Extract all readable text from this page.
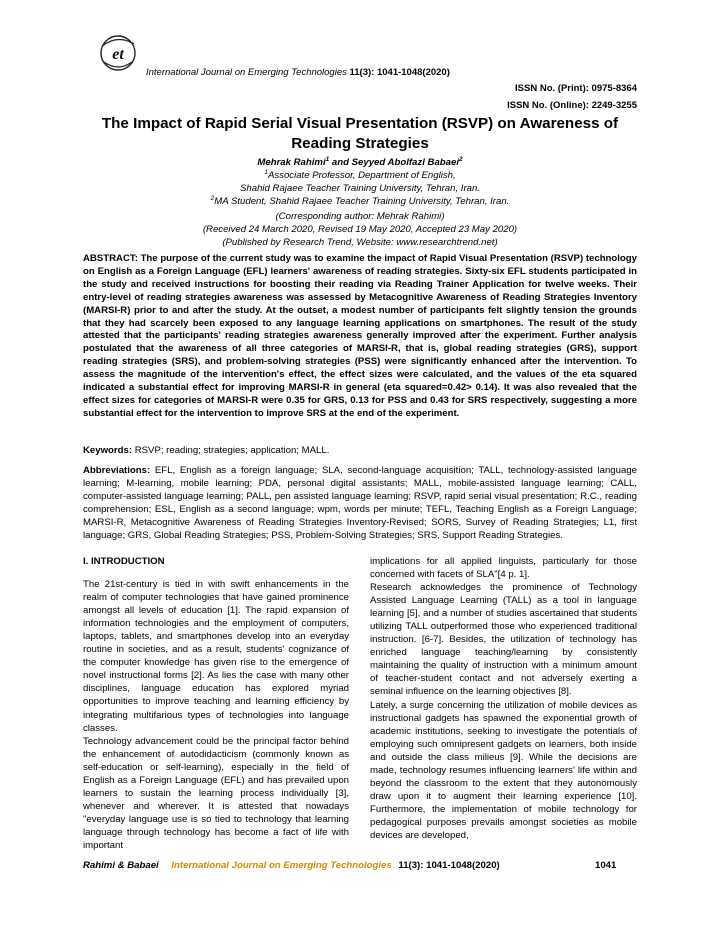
et
International Journal on Emerging Technologies 11(3): 1041-1048(2020)
ISSN No. (Print): 0975-8364
ISSN No. (Online): 2249-3255
The Impact of Rapid Serial Visual Presentation (RSVP) on Awareness of Reading Strategies
Mehrak Rahimi$^1$ and Seyyed Abolfazl Babaei$^2$
$^1$Associate Professor, Department of English,
Shahid Rajaee Teacher Training University, Tehran, Iran.
$^2$MA Student, Shahid Rajaee Teacher Training University, Tehran, Iran.
(Corresponding author: Mehrak Rahimi)
(Received 24 March 2020, Revised 19 May 2020, Accepted 23 May 2020)
(Published by Research Trend, Website: www.researchtrend.net)
ABSTRACT: The purpose of the current study was to examine the impact of Rapid Visual Presentation (RSVP) technology on English as a Foreign Language (EFL) learners' awareness of reading strategies. Sixty-six EFL students participated in the study and received instructions for boosting their reading via Reading Trainer Application for twelve weeks. Their entry-level of reading strategies awareness was assessed by Metacognitive Awareness of Reading Strategies Inventory (MARSI-R) prior to and after the study. At the outset, a modest number of participants felt slightly tension the grounds that they had scarcely been exposed to any language learning applications on smartphones. The result of the study attested that the participants' reading strategies awareness generally improved after the experiment. Further analysis postulated that the awareness of all three categories of MARSI-R, that is, global reading strategies (GRS), support reading strategies (SRS), and problem-solving strategies (PSS) were significantly enhanced after the intervention. To assess the magnitude of the intervention's effect, the effect sizes were calculated, and the values of the eta squared indicated a substantial effect for improving MARSI-R in general (eta squared=0.42> 0.14). It was also revealed that the effect sizes for categories of MARSI-R were 0.35 for GRS, 0.13 for PSS and 0.43 for SRS respectively, suggesting a more substantial effect for the intervention to improve SRS at the end of the experiment.
Keywords: RSVP; reading; strategies; application; MALL.
Abbreviations: EFL, English as a foreign language; SLA, second-language acquisition; TALL, technology-assisted language learning; M-learning, mobile learning; PDA, personal digital assistants; MALL, mobile-assisted language learning; CALL, computer-assisted language learning; PALL, pen assisted language learning; RSVP, rapid serial visual presentation; R.C., reading comprehension; ESL, English as a second language; wpm, words per minute; TEFL, Teaching English as a Foreign Language; MARSI-R, Metacognitive Awareness of Reading Strategies Inventory-Revised; SORS, Survey of Reading Strategies; L1, first language; GRS, Global Reading Strategies; PSS, Problem-Solving Strategies; SRS, Support Reading Strategies.

I. INTRODUCTION

The 21st-century is tied in with swift enhancements in the realm of computer technologies that have gained prominence amongst all levels of education [1]. The rapid expansion of information technologies and the employment of computers, laptops, tablets, and smartphones develop into an everyday routine in societies, and as a result, students' cognizance of the computer knowledge has given rise to the emergence of novel instructional forms [2]. As lies the case with many other disciplines, language education has explored myriad opportunities to improve teaching and learning efficiency by integrating multifarious types of technologies into language classes.

Technology advancement could be the principal factor behind the enhancement of autodidacticism (commonly known as self-education or self-learning), especially in the field of English as a Foreign Language (EFL) and has prevailed upon learners to sustain the learning process individually [3], whenever and wherever. It is attested that nowadays "everyday language use is so tied to technology that learning language through technology has become a fact of life with important

implications for all applied linguists, particularly for those concerned with facets of SLA"[4 p. 1].

Research acknowledges the prominence of Technology Assisted Language Learning (TALL) as a tool in language learning [5], and a number of studies ascertained that students utilizing TALL outperformed those who experienced traditional instruction. [6-7]. Besides, the utilization of technology has enriched language teaching/learning by consistently maintaining the quality of instruction with a minimum amount of teacher-student contact and not adversely exerting a seminal influence on the learning objectives [8].

Lately, a surge concerning the utilization of mobile devices as instructional gadgets has spawned the exponential growth of academic institutions, seeking to investigate the potentials of employing such omnipresent gadgets on learners, both inside and outside the class milieus [9]. While the decisions are made, technology resumes influencing learners' life within and beyond the classroom to the extent that they autonomously draw upon it to augment their learning experience [10]. Furthermore, the implementation of mobile technology for pedagogical purposes prevails amongst societies as mobile devices are developed,

Rahimi & Babaei International Journal on Emerging Technologies 11(3): 1041-1048(2020)	1041
